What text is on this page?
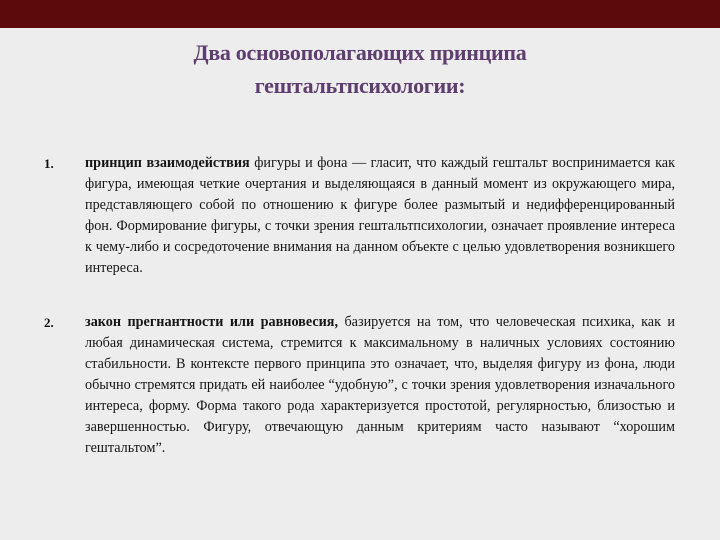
Два основополагающих принципа
гештальтпсихологии:
1. принцип взаимодействия фигуры и фона — гласит, что каждый гештальт воспринимается как фигура, имеющая четкие очертания и выделяющаяся в данный момент из окружающего мира, представляющего собой по отношению к фигуре более размытый и недифференцированный фон. Формирование фигуры, с точки зрения гештальтпсихологии, означает проявление интереса к чему-либо и сосредоточение внимания на данном объекте с целью удовлетворения возникшего интереса.
2. закон прегнантности или равновесия, базируется на том, что человеческая психика, как и любая динамическая система, стремится к максимальному в наличных условиях состоянию стабильности. В контексте первого принципа это означает, что, выделяя фигуру из фона, люди обычно стремятся придать ей наиболее “удобную”, с точки зрения удовлетворения изначального интереса, форму. Форма такого рода характеризуется простотой, регулярностью, близостью и завершенностью. Фигуру, отвечающую данным критериям часто называют “хорошим гештальтом”.
